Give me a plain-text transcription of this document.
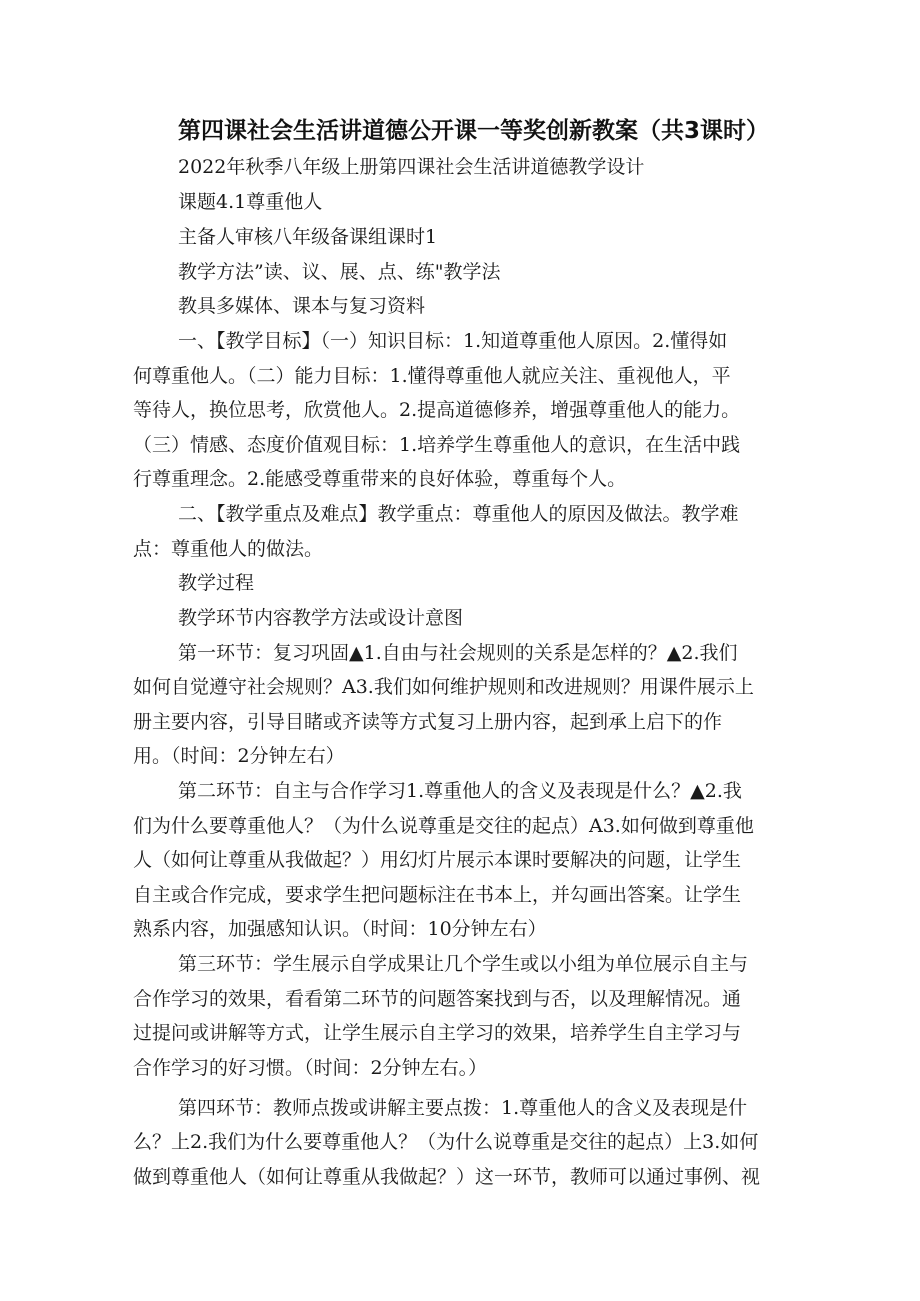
第四课社会生活讲道德公开课一等奖创新教案（共3课时）
2022年秋季八年级上册第四课社会生活讲道德教学设计
课题4.1尊重他人
主备人审核八年级备课组课时1
教学方法”读、议、展、点、练"教学法
教具多媒体、课本与复习资料
一、【教学目标】（一）知识目标：1.知道尊重他人原因。2.懂得如
何尊重他人。（二）能力目标：1.懂得尊重他人就应关注、重视他人，平
等待人，换位思考，欣赏他人。2.提高道德修养，增强尊重他人的能力。
（三）情感、态度价值观目标：1.培养学生尊重他人的意识，在生活中践
行尊重理念。2.能感受尊重带来的良好体验，尊重每个人。
二、【教学重点及难点】教学重点：尊重他人的原因及做法。教学难
点：尊重他人的做法。
教学过程
教学环节内容教学方法或设计意图
第一环节：复习巩固▲1.自由与社会规则的关系是怎样的？▲2.我们
如何自觉遵守社会规则？A3.我们如何维护规则和改进规则？用课件展示上
册主要内容，引导目睹或齐读等方式复习上册内容，起到承上启下的作
用。（时间：2分钟左右）
第二环节：自主与合作学习1.尊重他人的含义及表现是什么？▲2.我
们为什么要尊重他人？（为什么说尊重是交往的起点）A3.如何做到尊重他
人（如何让尊重从我做起？）用幻灯片展示本课时要解决的问题，让学生
自主或合作完成，要求学生把问题标注在书本上，并勾画出答案。让学生
熟系内容，加强感知认识。（时间：10分钟左右）
第三环节：学生展示自学成果让几个学生或以小组为单位展示自主与
合作学习的效果，看看第二环节的问题答案找到与否，以及理解情况。通
过提问或讲解等方式，让学生展示自主学习的效果，培养学生自主学习与
合作学习的好习惯。（时间：2分钟左右。）
第四环节：教师点拨或讲解主要点拨：1.尊重他人的含义及表现是什
么？上2.我们为什么要尊重他人？（为什么说尊重是交往的起点）上3.如何
做到尊重他人（如何让尊重从我做起？）这一环节，教师可以通过事例、视
